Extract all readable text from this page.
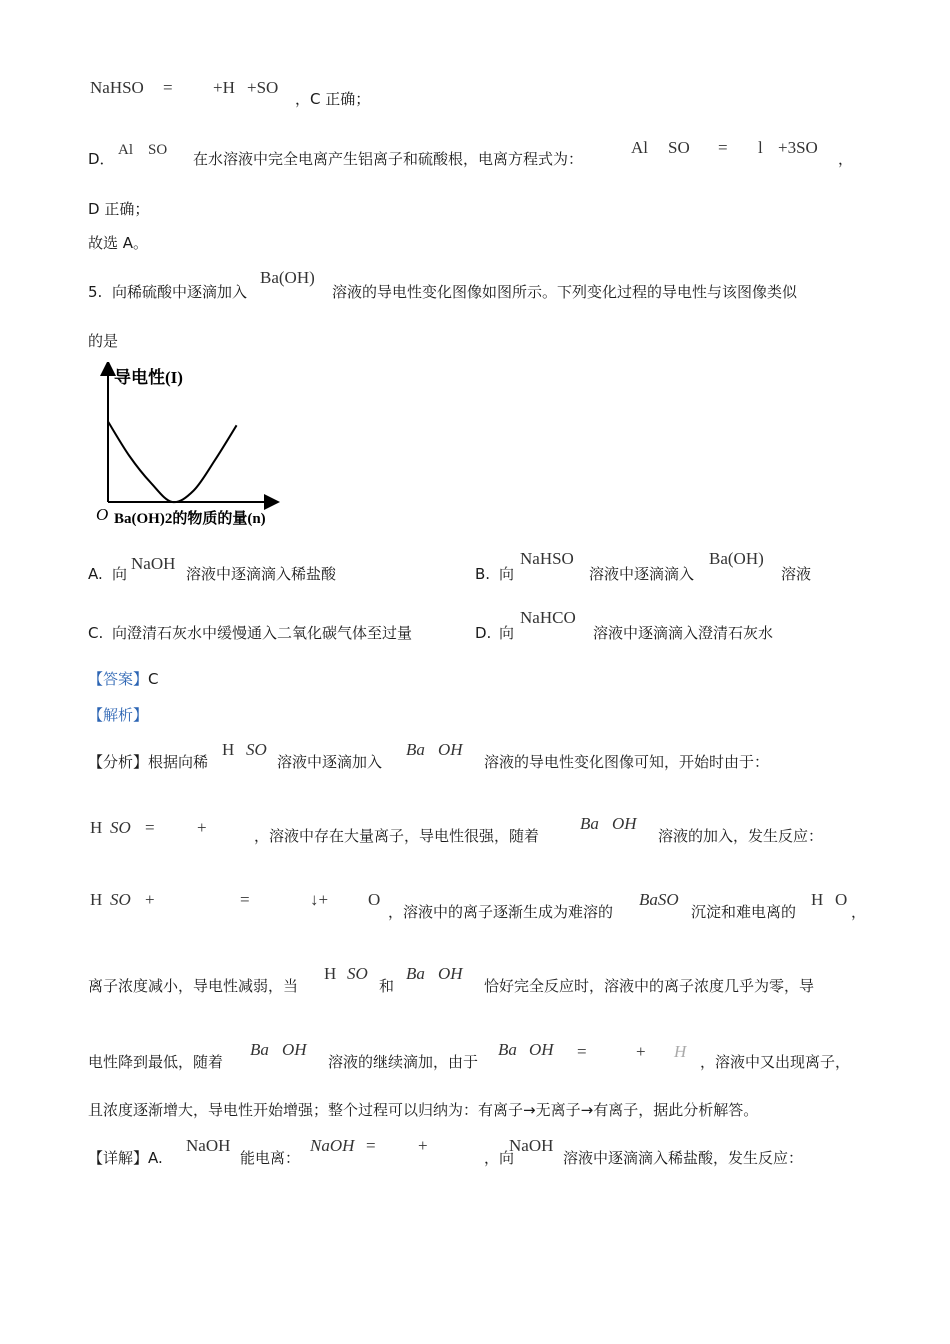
NaHSO = +H +SO
，C 正确；
D． Al SO 在水溶液中完全电离产生铝离子和硫酸根，电离方程式为：
Al SO = l +3SO
，
D 正确；
故选 A。
5. 向稀硫酸中逐滴加入
Ba(OH)
溶液的导电性变化图像如图所示。下列变化过程的导电性与该图像类似
的是
导电性(I)
O Ba(OH)2的物质的量(n)
A. 向
NaOH
溶液中逐滴滴入稀盐酸	B. 向
NaHSO
溶液中逐滴滴入
Ba(OH)
溶液
C. 向澄清石灰水中缓慢通入二氧化碳气体至过量	D. 向
NaHCO
溶液中逐滴滴入澄清石灰水
【答案】C
【解析】
【分析】根据向稀
H SO
溶液中逐滴加入
Ba OH
溶液的导电性变化图像可知，开始时由于：
H SO = +	，溶液中存在大量离子，导电性很强，随着
Ba OH
溶液的加入，发生反应：
H SO +	=	↓+ O
，溶液中的离子逐渐生成为难溶的
BaSO
沉淀和难电离的
H O
，
离子浓度减小，导电性减弱，当
H SO
和
Ba OH
恰好完全反应时，溶液中的离子浓度几乎为零，导
电性降到最低，随着
Ba OH
溶液的继续滴加，由于
Ba OH =	+ H
，溶液中又出现离子，
且浓度逐渐增大，导电性开始增强；整个过程可以归纳为：有离子→无离子→有离子，据此分析解答。
【详解】A.
NaOH
能电离：
NaOH = +
，向
NaOH
溶液中逐滴滴入稀盐酸，发生反应：
